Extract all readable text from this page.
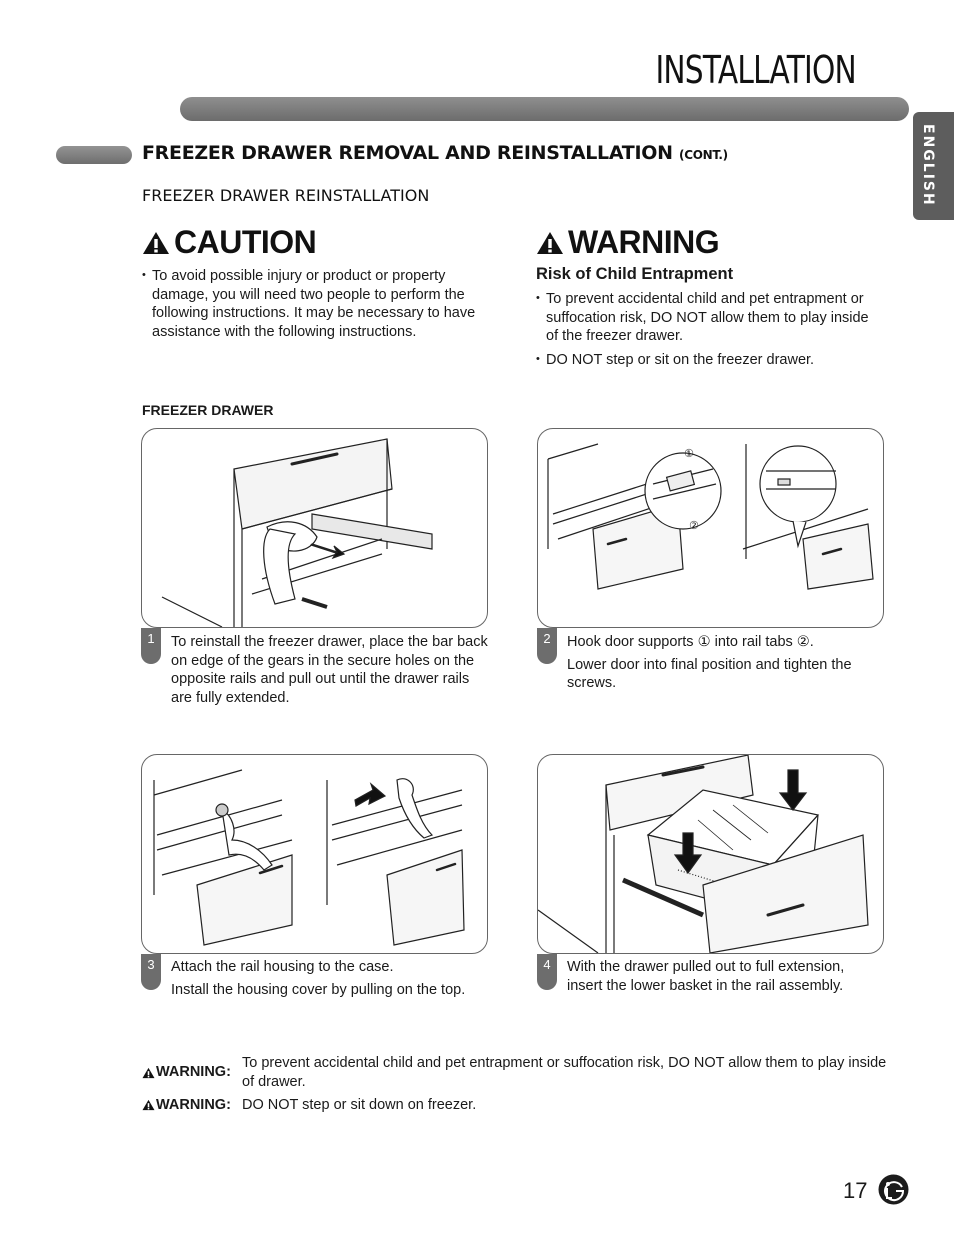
INSTALLATION
ENGLISH
FREEZER DRAWER REMOVAL AND REINSTALLATION (CONT.)
FREEZER DRAWER REINSTALLATION
CAUTION
• To avoid possible injury or product or property damage, you will need two people to perform the following instructions. It may be necessary to have assistance with the following instructions.
WARNING
Risk of Child Entrapment
• To prevent accidental child and pet entrapment or suffocation risk, DO NOT allow them to play inside of the freezer drawer.
• DO NOT step or sit on the freezer drawer.
FREEZER DRAWER
1	To reinstall the freezer drawer, place the bar back on edge of the gears in the secure holes on the opposite rails and pull out until the drawer rails are fully extended.

①
②
2	Hook door supports ① into rail tabs ②.

Lower door into final position and tighten the screws.

3	Attach the rail housing to the case.

Install the housing cover by pulling on the top.

4	With the drawer pulled out to full extension, insert the lower basket in the rail assembly.

WARNING:
To prevent accidental child and pet entrapment or suffocation risk, DO NOT allow them to play inside of drawer.
WARNING: DO NOT step or sit down on freezer.
17
